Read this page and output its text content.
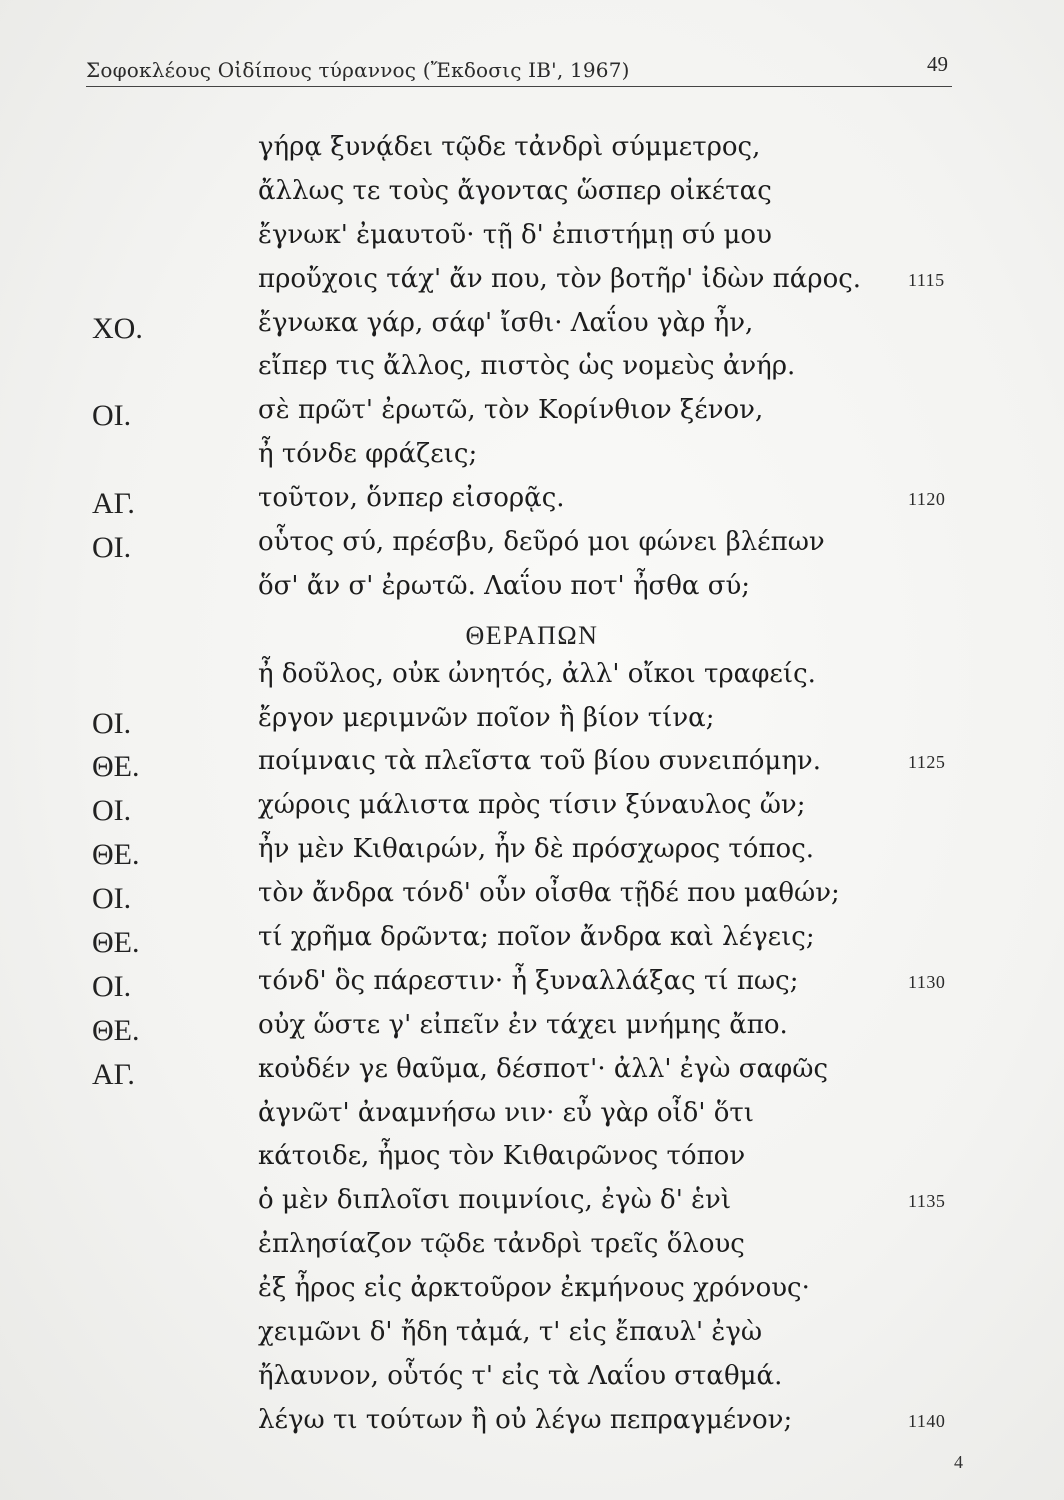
Σοφοκλέους Οἰδίπους τύραννος (Ἔκδοσις ΙΒ', 1967)	49
γήρᾳ ξυνᾴδει τῷδε τἀνδρὶ σύμμετρος,
ἄλλως τε τοὺς ἄγοντας ὥσπερ οἰκέτας
ἔγνωκ' ἐμαυτοῦ· τῇ δ' ἐπιστήμῃ σύ μου
προὔχοις τάχ' ἄν που, τὸν βοτῆρ' ἰδὼν πάρος.	1115
ΧΟ.	ἔγνωκα γάρ, σάφ' ἴσθι· Λαΐου γὰρ ἦν,
εἴπερ τις ἄλλος, πιστὸς ὡς νομεὺς ἀνήρ.
ΟΙ.	σὲ πρῶτ' ἐρωτῶ, τὸν Κορίνθιον ξένον,
ἦ τόνδε φράζεις;
ΑΓ.	τοῦτον, ὅνπερ εἰσορᾷς.	1120
ΟΙ.	οὗτος σύ, πρέσβυ, δεῦρό μοι φώνει βλέπων
ὅσ' ἄν σ' ἐρωτῶ. Λαΐου ποτ' ἦσθα σύ;
ΘΕΡΑΠΩΝ
ἦ δοῦλος, οὐκ ὠνητός, ἀλλ' οἴκοι τραφείς.
ΟΙ.	ἔργον μεριμνῶν ποῖον ἢ βίον τίνα;
ΘΕ.	ποίμναις τὰ πλεῖστα τοῦ βίου συνειπόμην.	1125
ΟΙ.	χώροις μάλιστα πρὸς τίσιν ξύναυλος ὤν;
ΘΕ.	ἦν μὲν Κιθαιρών, ἦν δὲ πρόσχωρος τόπος.
ΟΙ.	τὸν ἄνδρα τόνδ' οὖν οἶσθα τῇδέ που μαθών;
ΘΕ.	τί χρῆμα δρῶντα; ποῖον ἄνδρα καὶ λέγεις;
ΟΙ.	τόνδ' ὃς πάρεστιν· ἦ ξυναλλάξας τί πως;	1130
ΘΕ.	οὐχ ὥστε γ' εἰπεῖν ἐν τάχει μνήμης ἄπο.
ΑΓ.	κοὐδέν γε θαῦμα, δέσποτ'· ἀλλ' ἐγὼ σαφῶς
ἀγνῶτ' ἀναμνήσω νιν· εὖ γὰρ οἶδ' ὅτι
κάτοιδε, ἦμος τὸν Κιθαιρῶνος τόπον
ὁ μὲν διπλοῖσι ποιμνίοις, ἐγὼ δ' ἑνὶ	1135
ἐπλησίαζον τῷδε τἀνδρὶ τρεῖς ὅλους
ἐξ ἦρος εἰς ἀρκτοῦρον ἐκμήνους χρόνους·
χειμῶνι δ' ἤδη τἀμά, τ' εἰς ἔπαυλ' ἐγὼ
ἤλαυνον, οὗτός τ' εἰς τὰ Λαΐου σταθμά.
λέγω τι τούτων ἢ οὐ λέγω πεπραγμένον;	1140
4
